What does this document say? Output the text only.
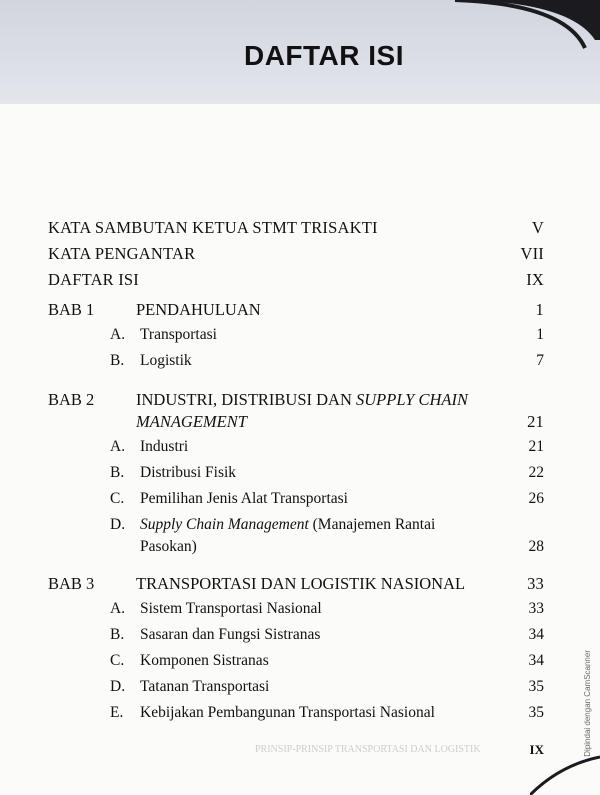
DAFTAR ISI
KATA SAMBUTAN KETUA STMT TRISAKTI	V
KATA PENGANTAR	VII
DAFTAR ISI	IX
BAB 1	PENDAHULUAN	1
A. Transportasi	1
B. Logistik	7
BAB 2	INDUSTRI, DISTRIBUSI DAN SUPPLY CHAIN
MANAGEMENT	21
A. Industri	21
B. Distribusi Fisik	22
C. Pemilihan Jenis Alat Transportasi	26
D. Supply Chain Management (Manajemen Rantai
Pasokan)	28
BAB 3	TRANSPORTASI DAN LOGISTIK NASIONAL	33
A. Sistem Transportasi Nasional	33
B. Sasaran dan Fungsi Sistranas	34
C. Komponen Sistranas	34
D. Tatanan Transportasi	35
E. Kebijakan Pembangunan Transportasi Nasional	35
PRINSIP-PRINSIP TRANSPORTASI DAN LOGISTIK	IX	Dipindai dengan CamScanner
